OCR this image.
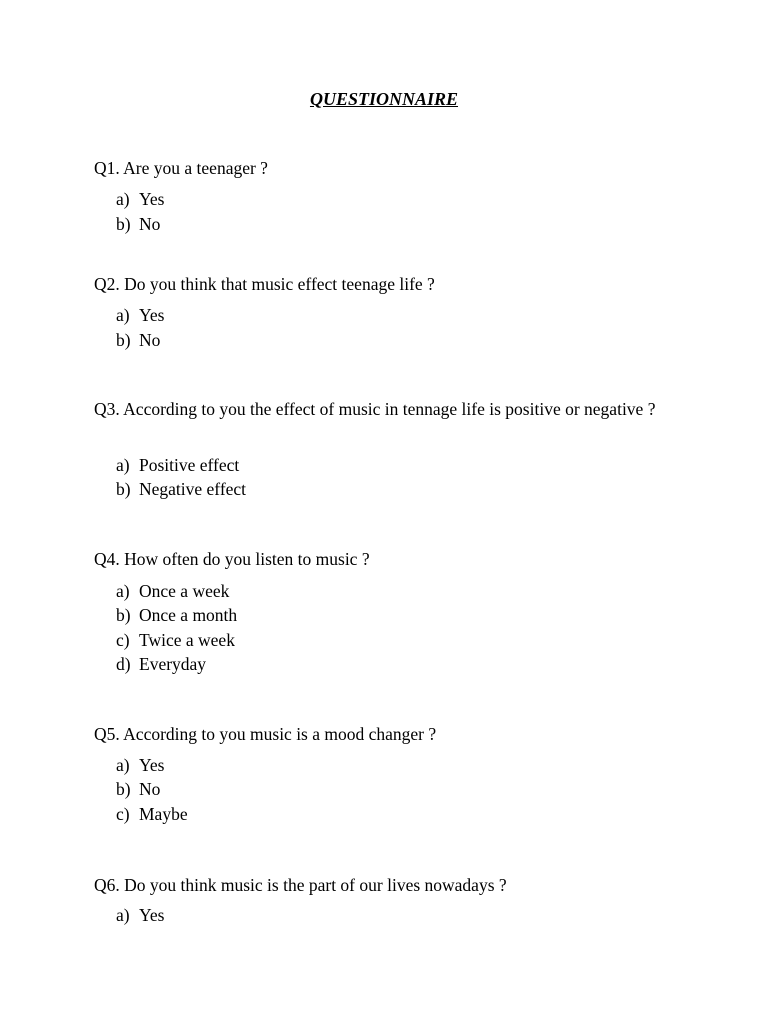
QUESTIONNAIRE
Q1. Are you a teenager ?
a) Yes
b) No
Q2. Do you think that music effect teenage life ?
a) Yes
b) No
Q3. According to you the effect of music in tennage life is positive or negative ?
a) Positive effect
b) Negative effect
Q4. How often do you listen to music ?
a) Once a week
b) Once a month
c) Twice a week
d) Everyday
Q5. According to you music is a mood changer ?
a) Yes
b) No
c) Maybe
Q6. Do you think music is the part of our lives nowadays ?
a) Yes
